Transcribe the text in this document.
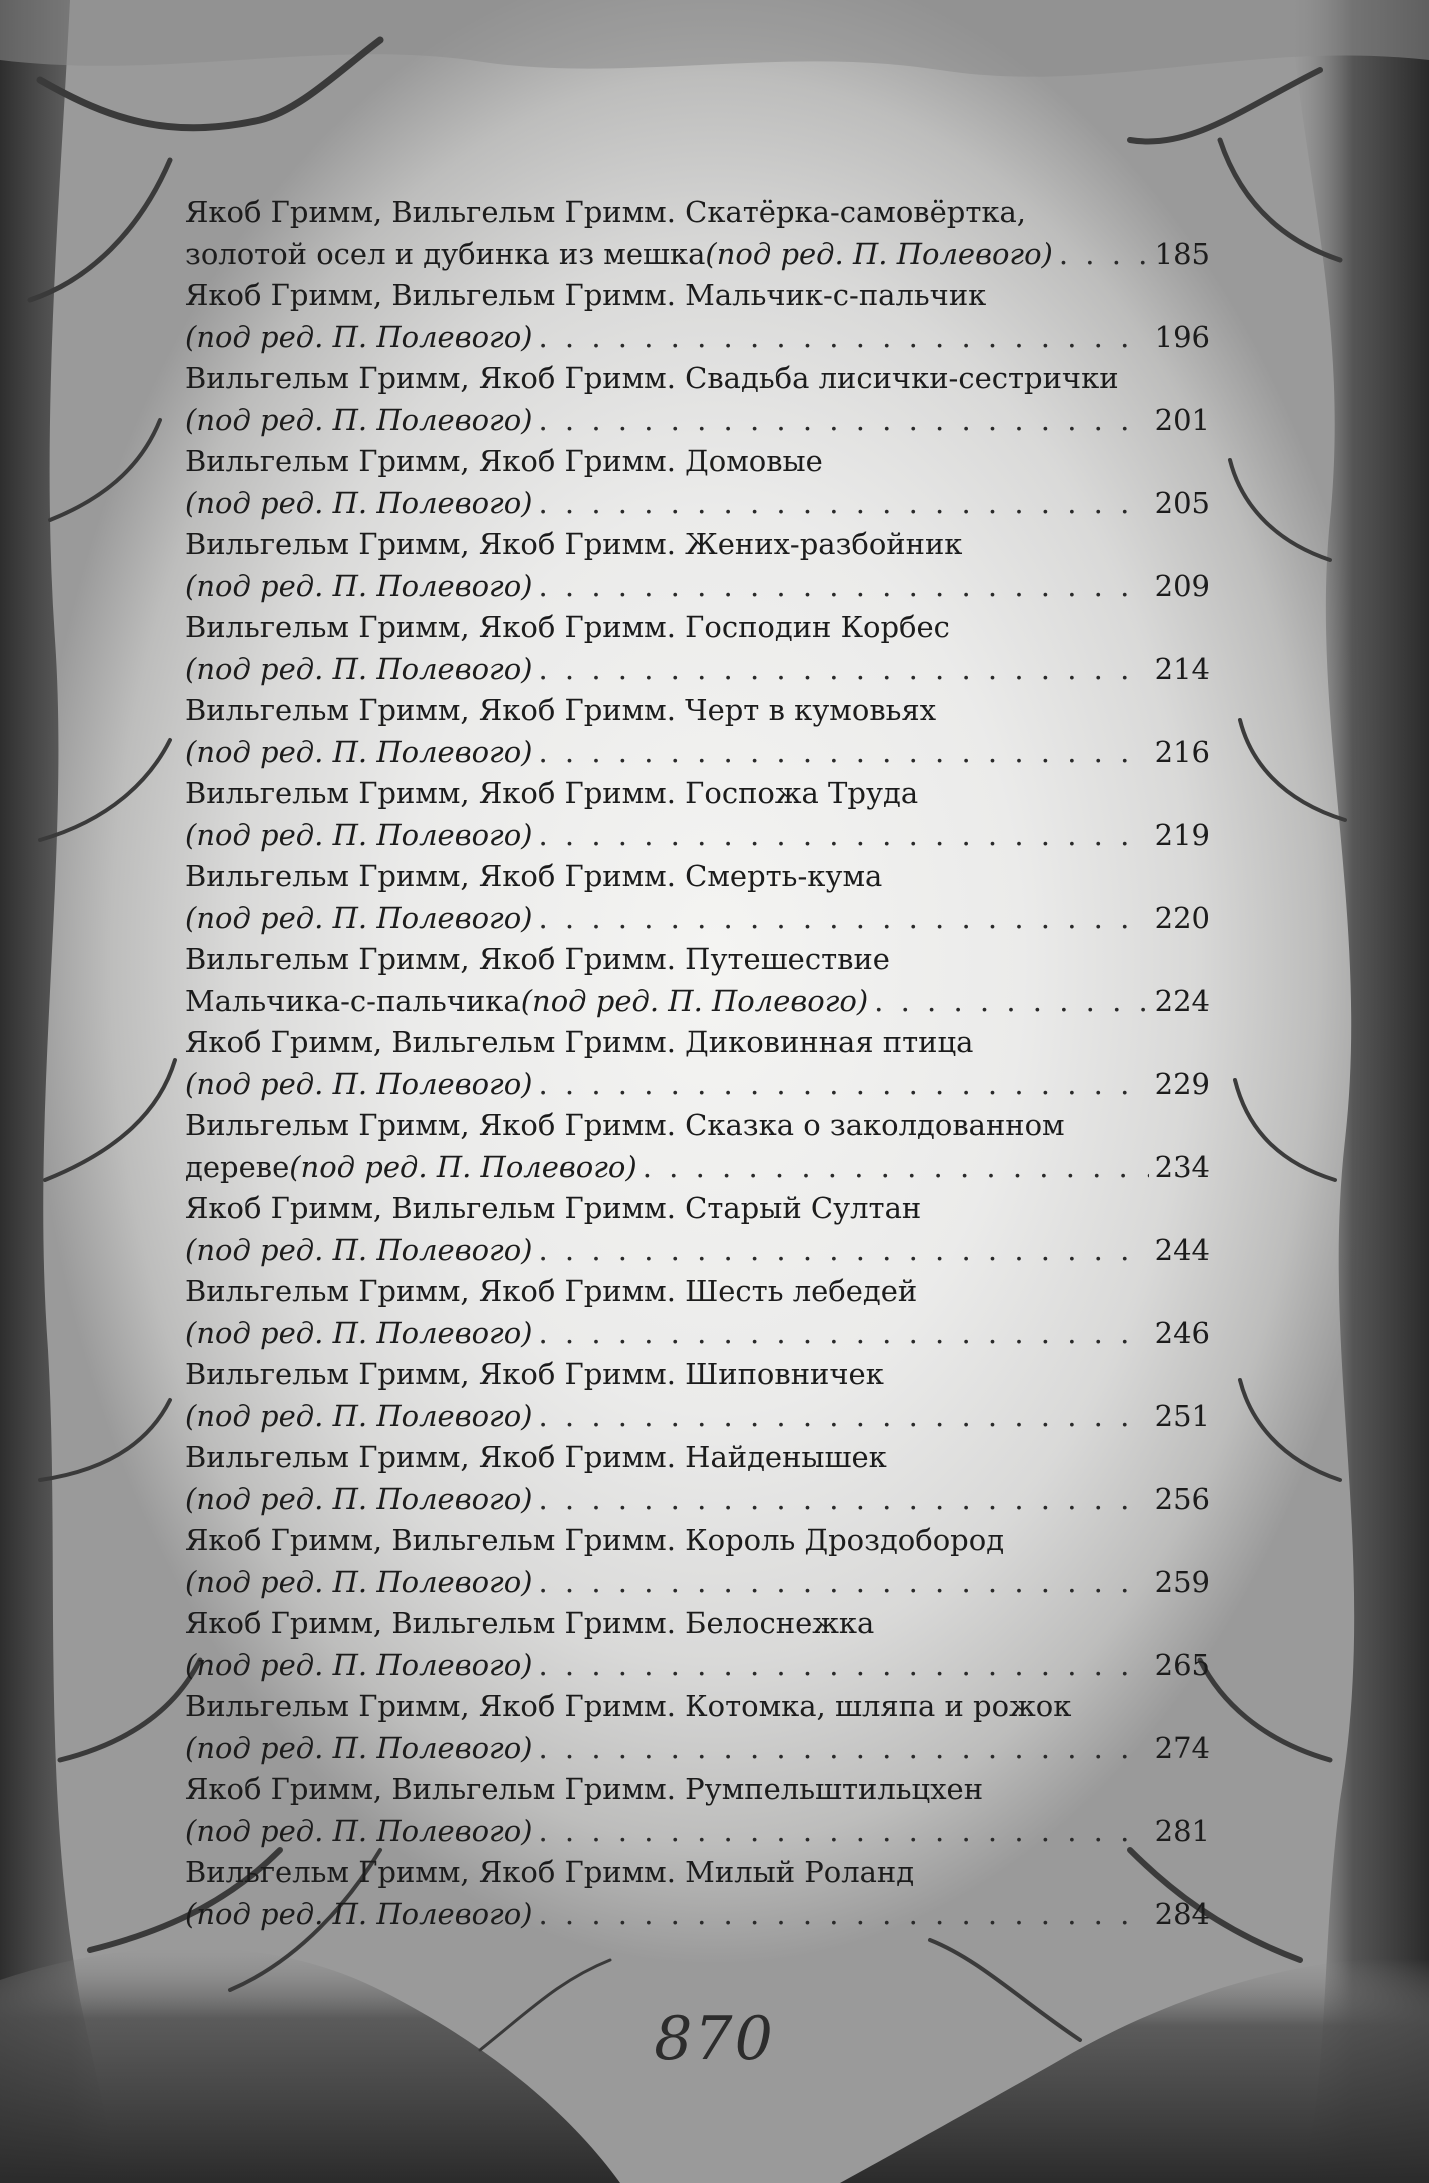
Якоб Гримм, Вильгельм Гримм. Скатёрка-самовёртка,
золотой осел и дубинка из мешка (под ред. П. Полевого) . . .	185
Якоб Гримм, Вильгельм Гримм. Мальчик-с-пальчик
(под ред. П. Полевого) . . .	196
Вильгельм Гримм, Якоб Гримм. Свадьба лисички-сестрички
(под ред. П. Полевого) . . .	201
Вильгельм Гримм, Якоб Гримм. Домовые
(под ред. П. Полевого) . . .	205
Вильгельм Гримм, Якоб Гримм. Жених-разбойник
(под ред. П. Полевого) . . .	209
Вильгельм Гримм, Якоб Гримм. Господин Корбес
(под ред. П. Полевого) . . .	214
Вильгельм Гримм, Якоб Гримм. Черт в кумовьях
(под ред. П. Полевого) . . .	216
Вильгельм Гримм, Якоб Гримм. Госпожа Труда
(под ред. П. Полевого) . . .	219
Вильгельм Гримм, Якоб Гримм. Смерть-кума
(под ред. П. Полевого) . . .	220
Вильгельм Гримм, Якоб Гримм. Путешествие
Мальчика-с-пальчика (под ред. П. Полевого) . . .	224
Якоб Гримм, Вильгельм Гримм. Диковинная птица
(под ред. П. Полевого) . . .	229
Вильгельм Гримм, Якоб Гримм. Сказка о заколдованном
дереве (под ред. П. Полевого) . . .	234
Якоб Гримм, Вильгельм Гримм. Старый Султан
(под ред. П. Полевого) . . .	244
Вильгельм Гримм, Якоб Гримм. Шесть лебедей
(под ред. П. Полевого) . . .	246
Вильгельм Гримм, Якоб Гримм. Шиповничек
(под ред. П. Полевого) . . .	251
Вильгельм Гримм, Якоб Гримм. Найденышек
(под ред. П. Полевого) . . .	256
Якоб Гримм, Вильгельм Гримм. Король Дроздобород
(под ред. П. Полевого) . . .	259
Якоб Гримм, Вильгельм Гримм. Белоснежка
(под ред. П. Полевого) . . .	265
Вильгельм Гримм, Якоб Гримм. Котомка, шляпа и рожок
(под ред. П. Полевого) . . .	274
Якоб Гримм, Вильгельм Гримм. Румпельштильцхен
(под ред. П. Полевого) . . .	281
Вильгельм Гримм, Якоб Гримм. Милый Роланд
(под ред. П. Полевого) . . .	284
870
